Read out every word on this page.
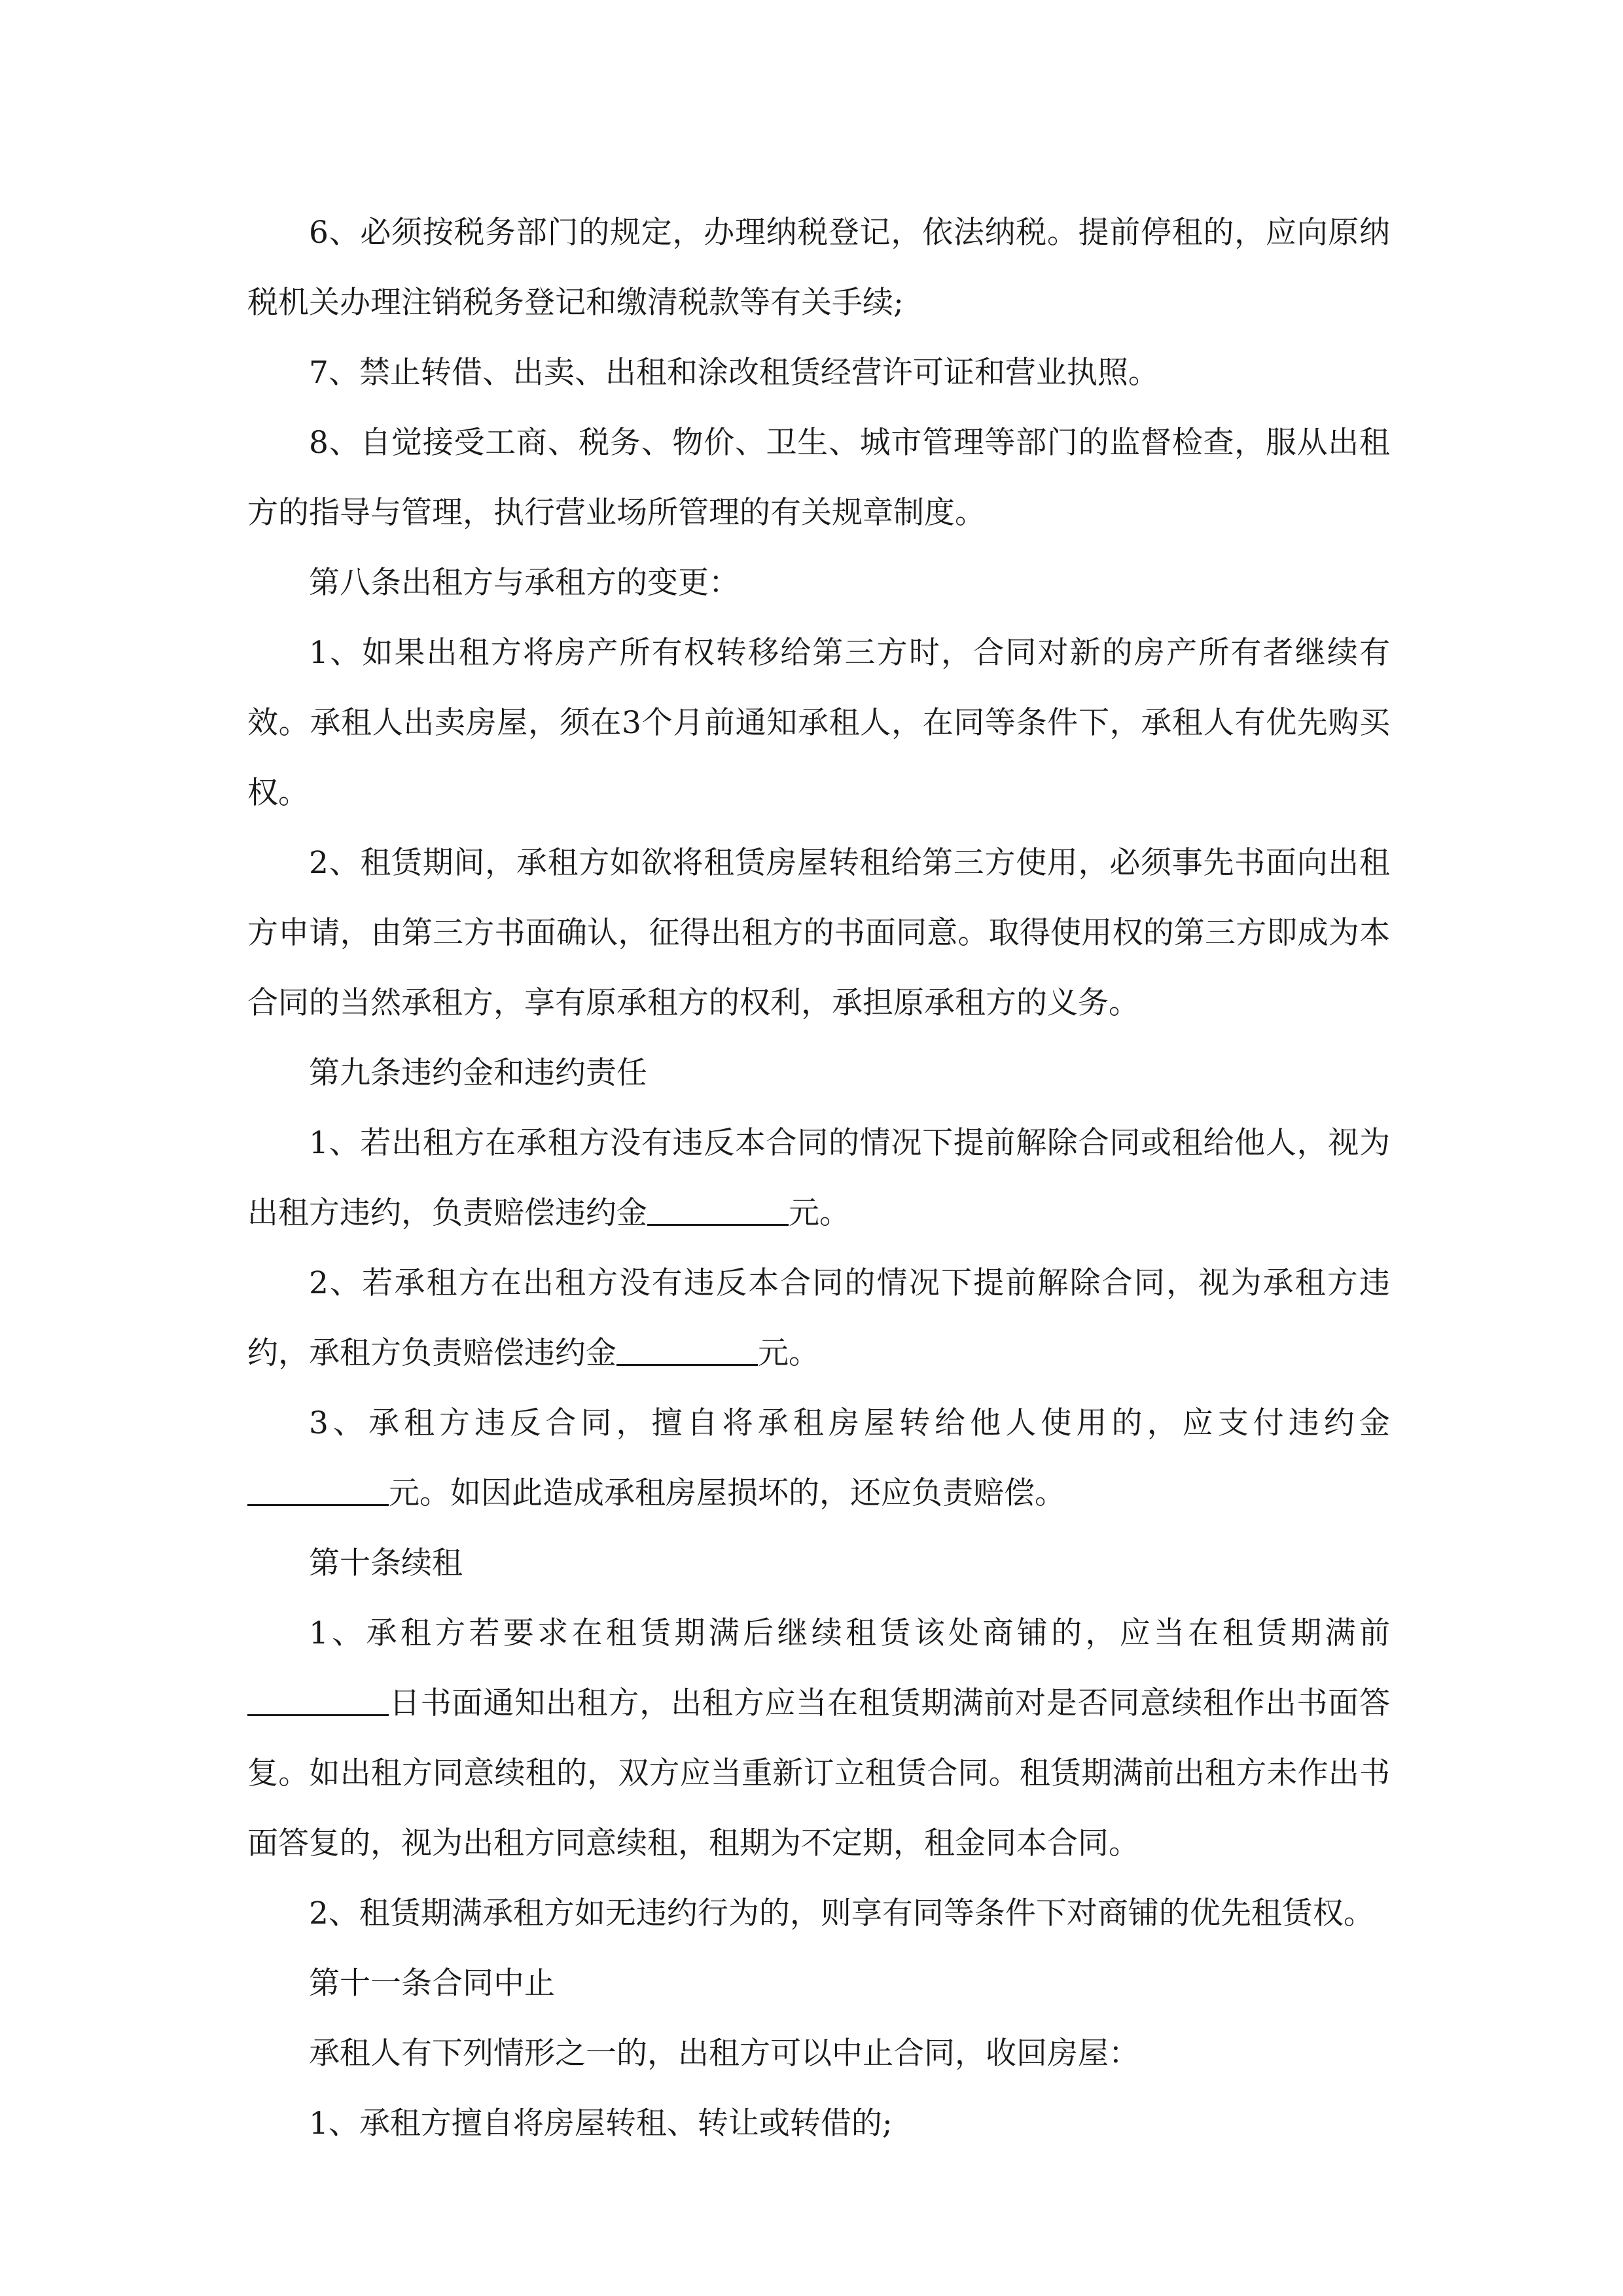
6、必须按税务部门的规定，办理纳税登记，依法纳税。提前停租的，应向原纳税机关办理注销税务登记和缴清税款等有关手续;

7、禁止转借、出卖、出租和涂改租赁经营许可证和营业执照。

8、自觉接受工商、税务、物价、卫生、城市管理等部门的监督检查，服从出租方的指导与管理，执行营业场所管理的有关规章制度。

第八条出租方与承租方的变更：

1、如果出租方将房产所有权转移给第三方时，合同对新的房产所有者继续有效。承租人出卖房屋，须在3个月前通知承租人，在同等条件下，承租人有优先购买权。

2、租赁期间，承租方如欲将租赁房屋转租给第三方使用，必须事先书面向出租方申请，由第三方书面确认，征得出租方的书面同意。取得使用权的第三方即成为本合同的当然承租方，享有原承租方的权利，承担原承租方的义务。

第九条违约金和违约责任

1、若出租方在承租方没有违反本合同的情况下提前解除合同或租给他人，视为出租方违约，负责赔偿违约金	元。

2、若承租方在出租方没有违反本合同的情况下提前解除合同，视为承租方违约，承租方负责赔偿违约金	元。

3、承租方违反合同，擅自将承租房屋转给他人使用的，应支付违约金元。如因此造成承租房屋损坏的，还应负责赔偿。

第十条续租

1、承租方若要求在租赁期满后继续租赁该处商铺的，应当在租赁期满前日书面通知出租方，出租方应当在租赁期满前对是否同意续租作出书面答复。如出租方同意续租的，双方应当重新订立租赁合同。租赁期满前出租方未作出书面答复的，视为出租方同意续租，租期为不定期，租金同本合同。

2、租赁期满承租方如无违约行为的，则享有同等条件下对商铺的优先租赁权。

第十一条合同中止

承租人有下列情形之一的，出租方可以中止合同，收回房屋：

1、承租方擅自将房屋转租、转让或转借的;
